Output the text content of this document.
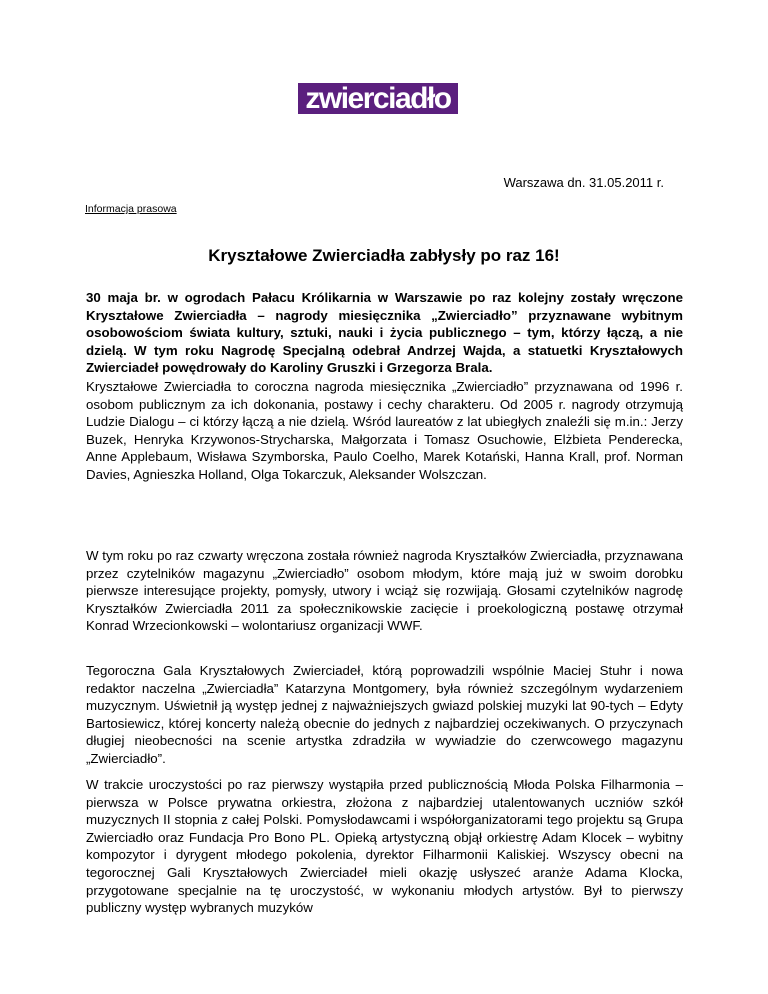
zwierciadło
Warszawa dn. 31.05.2011 r.
Informacja prasowa
Kryształowe Zwierciadła zabłysły po raz 16!

30 maja br. w ogrodach Pałacu Królikarnia w Warszawie po raz kolejny zostały wręczone Kryształowe Zwierciadła – nagrody miesięcznika „Zwierciadło” przyznawane wybitnym osobowościom świata kultury, sztuki, nauki i życia publicznego – tym, którzy łączą, a nie dzielą. W tym roku Nagrodę Specjalną odebrał Andrzej Wajda, a statuetki Kryształowych Zwierciadeł powędrowały do Karoliny Gruszki i Grzegorza Brala.

Kryształowe Zwierciadła to coroczna nagroda miesięcznika „Zwierciadło” przyznawana od 1996 r. osobom publicznym za ich dokonania, postawy i cechy charakteru. Od 2005 r. nagrody otrzymują Ludzie Dialogu – ci którzy łączą a nie dzielą. Wśród laureatów z lat ubiegłych znaleźli się m.in.: Jerzy Buzek, Henryka Krzywonos-Strycharska, Małgorzata i Tomasz Osuchowie, Elżbieta Penderecka, Anne Applebaum, Wisława Szymborska, Paulo Coelho, Marek Kotański, Hanna Krall, prof. Norman Davies, Agnieszka Holland, Olga Tokarczuk, Aleksander Wolszczan.

W tym roku po raz czwarty wręczona została również nagroda Kryształków Zwierciadła, przyznawana przez czytelników magazynu „Zwierciadło” osobom młodym, które mają już w swoim dorobku pierwsze interesujące projekty, pomysły, utwory i wciąż się rozwijają. Głosami czytelników nagrodę Kryształków Zwierciadła 2011 za społecznikowskie zacięcie i proekologiczną postawę otrzymał Konrad Wrzecionkowski – wolontariusz organizacji WWF.

Tegoroczna Gala Kryształowych Zwierciadeł, którą poprowadzili wspólnie Maciej Stuhr i nowa redaktor naczelna „Zwierciadła” Katarzyna Montgomery, była również szczególnym wydarzeniem muzycznym. Uświetnił ją występ jednej z najważniejszych gwiazd polskiej muzyki lat 90-tych – Edyty Bartosiewicz, której koncerty należą obecnie do jednych z najbardziej oczekiwanych. O przyczynach długiej nieobecności na scenie artystka zdradziła w wywiadzie do czerwcowego magazynu „Zwierciadło”.

W trakcie uroczystości po raz pierwszy wystąpiła przed publicznością Młoda Polska Filharmonia – pierwsza w Polsce prywatna orkiestra, złożona z najbardziej utalentowanych uczniów szkół muzycznych II stopnia z całej Polski. Pomysłodawcami i współorganizatorami tego projektu są Grupa Zwierciadło oraz Fundacja Pro Bono PL. Opieką artystyczną objął orkiestrę Adam Klocek – wybitny kompozytor i dyrygent młodego pokolenia, dyrektor Filharmonii Kaliskiej. Wszyscy obecni na tegorocznej Gali Kryształowych Zwierciadeł mieli okazję usłyszeć aranże Adama Klocka, przygotowane specjalnie na tę uroczystość, w wykonaniu młodych artystów. Był to pierwszy publiczny występ wybranych muzyków
